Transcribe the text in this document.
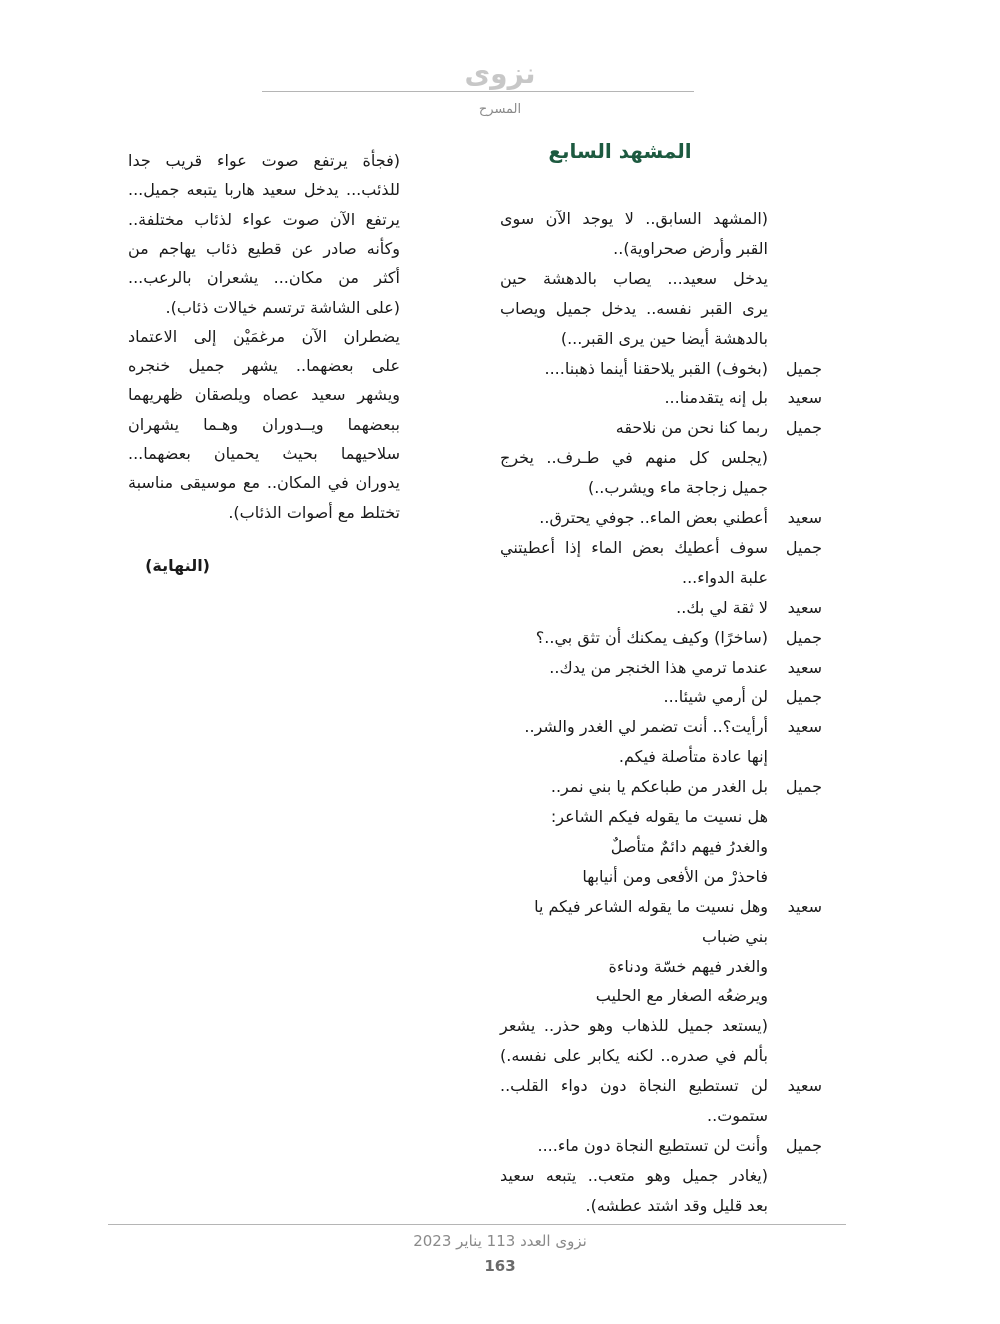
نزوى
المسرح
المشهد السابع
(المشهد السابق.. لا يوجد الآن سوى
القبر وأرض صحراوية)..
يدخل سعيد... يصاب بالدهشة حين
يرى القبر نفسه.. يدخل جميل ويصاب
بالدهشة أيضا حين يرى القبر...)
جميل
(بخوف) القبر يلاحقنا أينما ذهبنا....
سعيد
بل إنه يتقدمنا...
جميل
ربما كنا نحن من نلاحقه
(يجلس كل منهم في طـرف.. يخرج
جميل زجاجة ماء ويشرب..)
سعيد
أعطني بعض الماء.. جوفي يحترق..
جميل
سوف أعطيك بعض الماء إذا أعطيتني
علبة الدواء...
سعيد
لا ثقة لي بك..
جميل
(ساخرًا) وكيف يمكنك أن تثق بي..؟
سعيد
عندما ترمي هذا الخنجر من يدك..
جميل
لن أرمي شيئا...
سعيد
أرأيت؟.. أنت تضمر لي الغدر والشر..
إنها عادة متأصلة فيكم.
جميل
بل الغدر من طباعكم يا بني نمر..
هل نسيت ما يقوله فيكم الشاعر:
والغدرُ فيهم دائمٌ متأصلٌ
فاحذرْ من الأفعى ومن أنيابها
سعيد
وهل نسيت ما يقوله الشاعر فيكم يا
بني ضباب
والغدر فيهم خسّة ودناءة
ويرضعُه الصغار مع الحليب
(يستعد جميل للذهاب وهو حذر.. يشعر
بألم في صدره.. لكنه يكابر على نفسه.)
سعيد
لن تستطيع النجاة دون دواء القلب..
ستموت..
جميل
وأنت لن تستطيع النجاة دون ماء....
(يغادر جميل وهو متعب.. يتبعه سعيد
بعد قليل وقد اشتد عطشه).
(فجأة يرتفع صوت عواء قريب جدا
للذئب... يدخل سعيد هاربا يتبعه جميل...
يرتفع الآن صوت عواء لذئاب مختلفة..
وكأنه صادر عن قطيع ذئاب يهاجم من
أكثر من مكان... يشعران بالرعب...
(على الشاشة ترتسم خيالات ذئاب).
يضطران الآن مرغمَيْن إلى الاعتماد
على بعضهما.. يشهر جميل خنجره
ويشهر سعيد عصاه ويلصقان ظهريهما
ببعضهما ويــدوران وهـما يشهران
سلاحيهما بحيث يحميان بعضهما...
يدوران في المكان.. مع موسيقى مناسبة
تختلط مع أصوات الذئاب).
(النهاية)
نزوى العدد 113 يناير 2023
163
